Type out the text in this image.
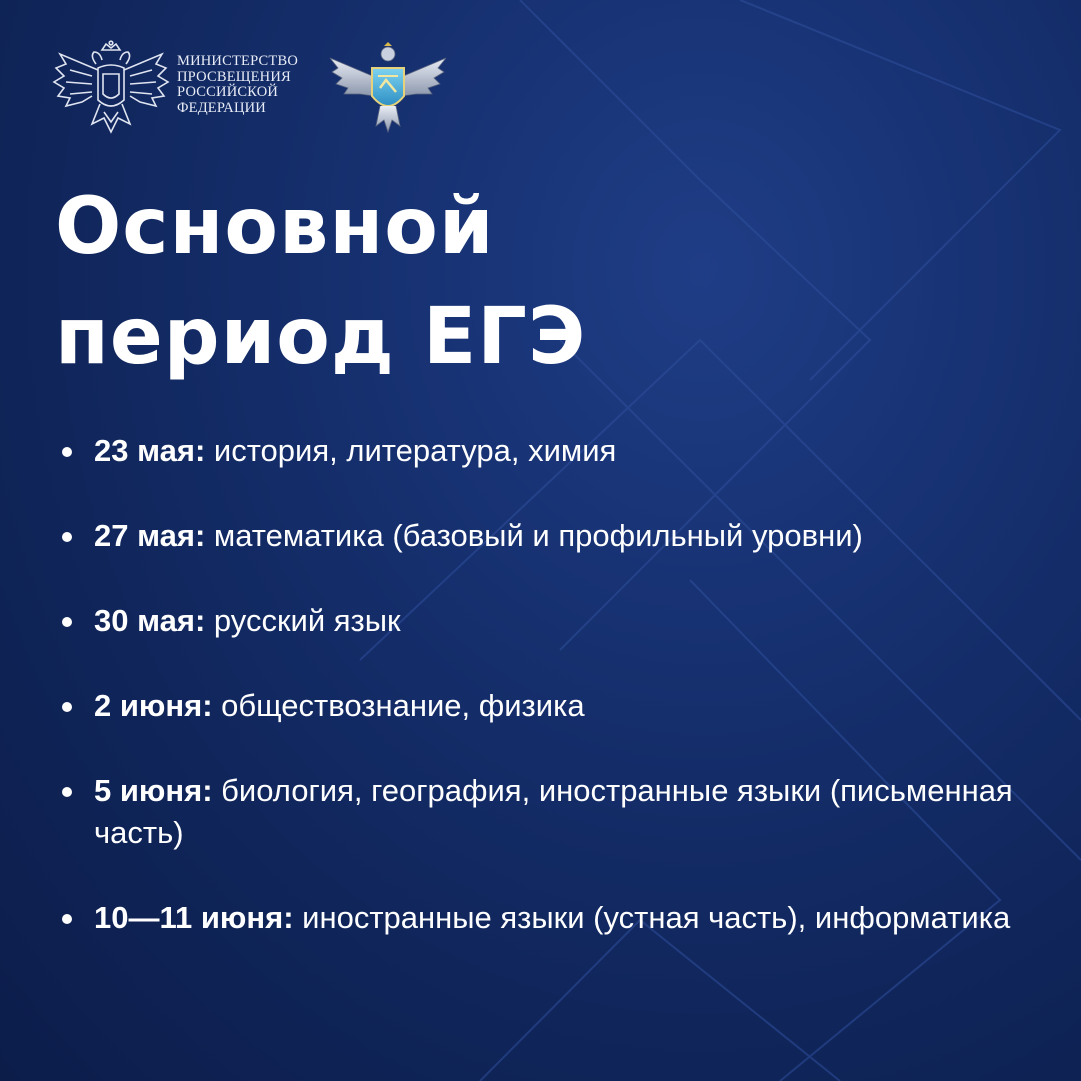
МИНИСТЕРСТВО
ПРОСВЕЩЕНИЯ
РОССИЙСКОЙ
ФЕДЕРАЦИИ
Основной
период ЕГЭ
23 мая: история, литература, химия
27 мая: математика (базовый и профильный уровни)
30 мая: русский язык
2 июня: обществознание, физика
5 июня: биология, география, иностранные языки (письменная часть)
10—11 июня: иностранные языки (устная часть), информатика
